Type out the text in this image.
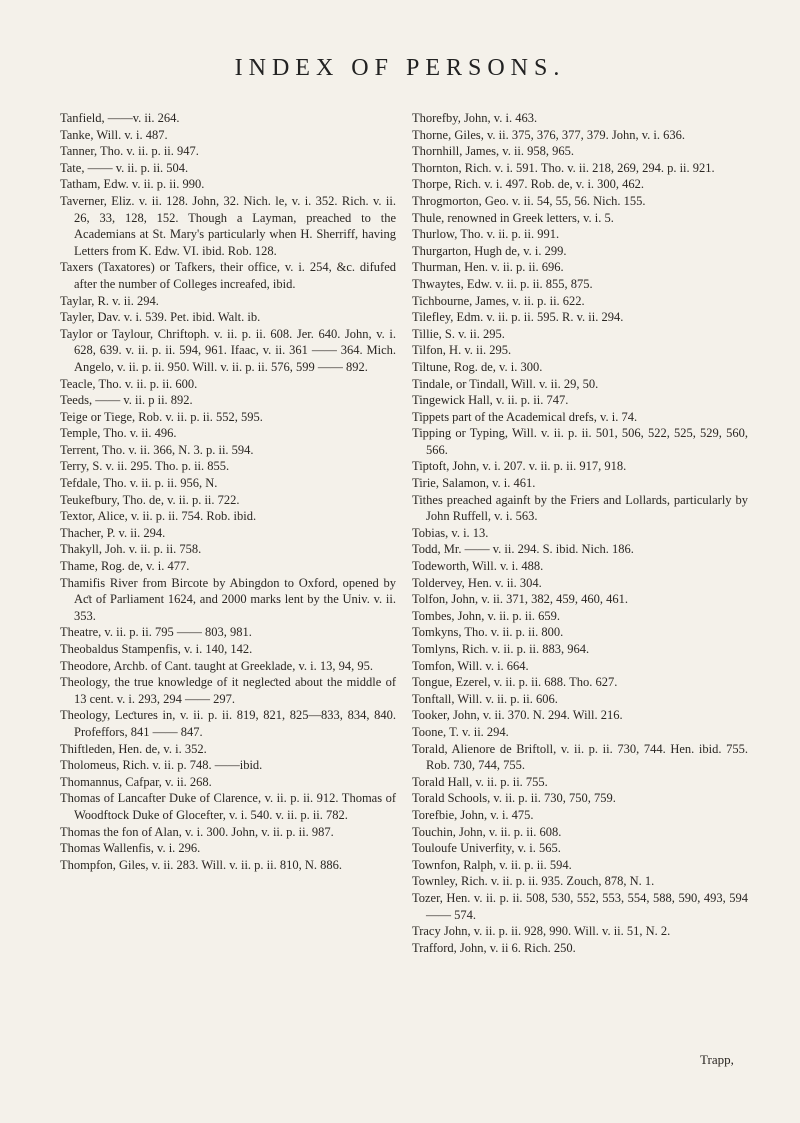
INDEX OF PERSONS.

Tanfield, ——v. ii. 264.

Tanke, Will. v. i. 487.

Tanner, Tho. v. ii. p. ii. 947.

Tate, —— v. ii. p. ii. 504.

Tatham, Edw. v. ii. p. ii. 990.

Taverner, Eliz. v. ii. 128. John, 32. Nich. le, v. i. 352. Rich. v. ii. 26, 33, 128, 152. Though a Layman, preached to the Academians at St. Mary's particularly when H. Sherriff, having Letters from K. Edw. VI. ibid. Rob. 128.

Taxers (Taxatores) or Tafkers, their office, v. i. 254, &c. difufed after the number of Colleges increafed, ibid.

Taylar, R. v. ii. 294.

Tayler, Dav. v. i. 539. Pet. ibid. Walt. ib.

Taylor or Taylour, Chriftoph. v. ii. p. ii. 608. Jer. 640. John, v. i. 628, 639. v. ii. p. ii. 594, 961. Ifaac, v. ii. 361 —— 364. Mich. Angelo, v. ii. p. ii. 950. Will. v. ii. p. ii. 576, 599 —— 892.

Teacle, Tho. v. ii. p. ii. 600.

Teeds, —— v. ii. p ii. 892.

Teige or Tiege, Rob. v. ii. p. ii. 552, 595.

Temple, Tho. v. ii. 496.

Terrent, Tho. v. ii. 366, N. 3. p. ii. 594.

Terry, S. v. ii. 295. Tho. p. ii. 855.

Tefdale, Tho. v. ii. p. ii. 956, N.

Teukefbury, Tho. de, v. ii. p. ii. 722.

Textor, Alice, v. ii. p. ii. 754. Rob. ibid.

Thacher, P. v. ii. 294.

Thakyll, Joh. v. ii. p. ii. 758.

Thame, Rog. de, v. i. 477.

Thamifis River from Bircote by Abingdon to Oxford, opened by Aƈt of Parliament 1624, and 2000 marks lent by the Univ. v. ii. 353.

Theatre, v. ii. p. ii. 795 —— 803, 981.

Theobaldus Stampenfis, v. i. 140, 142.

Theodore, Archb. of Cant. taught at Greeklade, v. i. 13, 94, 95.

Theology, the true knowledge of it negleƈted about the middle of 13 cent. v. i. 293, 294 —— 297.

Theology, Leƈtures in, v. ii. p. ii. 819, 821, 825—833, 834, 840. Profeffors, 841 —— 847.

Thiftleden, Hen. de, v. i. 352.

Tholomeus, Rich. v. ii. p. 748. ——ibid.

Thomannus, Cafpar, v. ii. 268.

Thomas of Lancafter Duke of Clarence, v. ii. p. ii. 912. Thomas of Woodftock Duke of Glocefter, v. i. 540. v. ii. p. ii. 782.

Thomas the fon of Alan, v. i. 300. John, v. ii. p. ii. 987.

Thomas Wallenfis, v. i. 296.

Thompfon, Giles, v. ii. 283. Will. v. ii. p. ii. 810, N. 886.

Thorefby, John, v. i. 463.

Thorne, Giles, v. ii. 375, 376, 377, 379. John, v. i. 636.

Thornhill, James, v. ii. 958, 965.

Thornton, Rich. v. i. 591. Tho. v. ii. 218, 269, 294. p. ii. 921.

Thorpe, Rich. v. i. 497. Rob. de, v. i. 300, 462.

Throgmorton, Geo. v. ii. 54, 55, 56. Nich. 155.

Thule, renowned in Greek letters, v. i. 5.

Thurlow, Tho. v. ii. p. ii. 991.

Thurgarton, Hugh de, v. i. 299.

Thurman, Hen. v. ii. p. ii. 696.

Thwaytes, Edw. v. ii. p. ii. 855, 875.

Tichbourne, James, v. ii. p. ii. 622.

Tilefley, Edm. v. ii. p. ii. 595. R. v. ii. 294.

Tillie, S. v. ii. 295.

Tilfon, H. v. ii. 295.

Tiltune, Rog. de, v. i. 300.

Tindale, or Tindall, Will. v. ii. 29, 50.

Tingewick Hall, v. ii. p. ii. 747.

Tippets part of the Academical drefs, v. i. 74.

Tipping or Typing, Will. v. ii. p. ii. 501, 506, 522, 525, 529, 560, 566.

Tiptoft, John, v. i. 207. v. ii. p. ii. 917, 918.

Tirie, Salamon, v. i. 461.

Tithes preached againft by the Friers and Lollards, particularly by John Ruffell, v. i. 563.

Tobias, v. i. 13.

Todd, Mr. —— v. ii. 294. S. ibid. Nich. 186.

Todeworth, Will. v. i. 488.

Toldervey, Hen. v. ii. 304.

Tolfon, John, v. ii. 371, 382, 459, 460, 461.

Tombes, John, v. ii. p. ii. 659.

Tomkyns, Tho. v. ii. p. ii. 800.

Tomlyns, Rich. v. ii. p. ii. 883, 964.

Tomfon, Will. v. i. 664.

Tongue, Ezerel, v. ii. p. ii. 688. Tho. 627.

Tonftall, Will. v. ii. p. ii. 606.

Tooker, John, v. ii. 370. N. 294. Will. 216.

Toone, T. v. ii. 294.

Torald, Alienore de Briftoll, v. ii. p. ii. 730, 744. Hen. ibid. 755. Rob. 730, 744, 755.

Torald Hall, v. ii. p. ii. 755.

Torald Schools, v. ii. p. ii. 730, 750, 759.

Torefbie, John, v. i. 475.

Touchin, John, v. ii. p. ii. 608.

Touloufe Univerfity, v. i. 565.

Townfon, Ralph, v. ii. p. ii. 594.

Townley, Rich. v. ii. p. ii. 935. Zouch, 878, N. 1.

Tozer, Hen. v. ii. p. ii. 508, 530, 552, 553, 554, 588, 590, 493, 594 —— 574.

Tracy John, v. ii. p. ii. 928, 990. Will. v. ii. 51, N. 2.

Trafford, John, v. ii 6. Rich. 250.

Trapp,
